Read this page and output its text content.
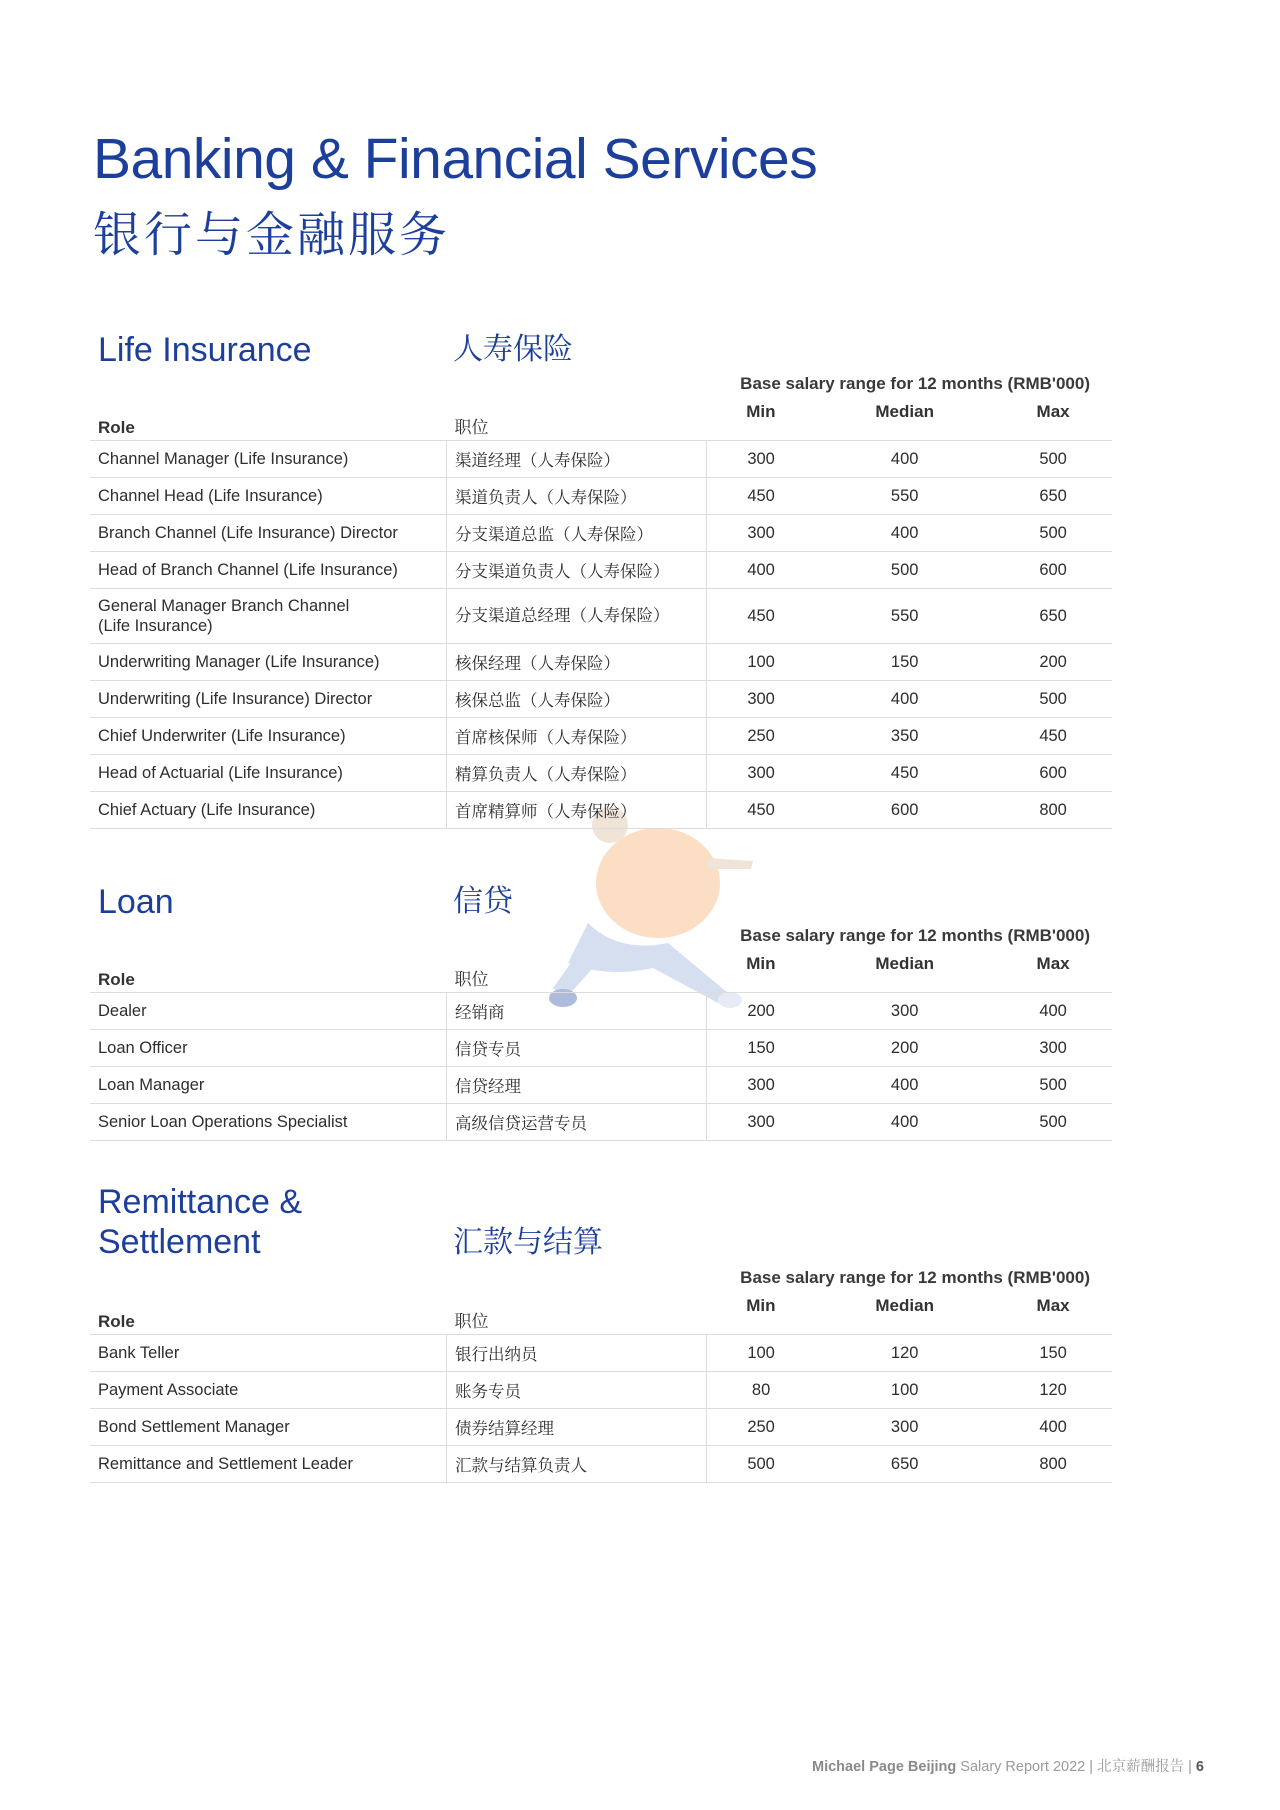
Banking & Financial Services
银行与金融服务
Life Insurance	人寿保险
Base salary range for 12 months (RMB'000)
Role	职位	Min	Median	Max
Channel Manager (Life Insurance)	渠道经理（人寿保险）	300	400	500
Channel Head (Life Insurance)	渠道负责人（人寿保险）	450	550	650
Branch Channel (Life Insurance) Director	分支渠道总监（人寿保险）	300	400	500
Head of Branch Channel (Life Insurance)	分支渠道负责人（人寿保险）	400	500	600

General Manager Branch Channel
(Life Insurance)	分支渠道总经理（人寿保险）	450	550	650
Underwriting Manager (Life Insurance)	核保经理（人寿保险）	100	150	200
Underwriting (Life Insurance) Director	核保总监（人寿保险）	300	400	500
Chief Underwriter (Life Insurance)	首席核保师（人寿保险）	250	350	450
Head of Actuarial (Life Insurance)	精算负责人（人寿保险）	300	450	600
Chief Actuary (Life Insurance)	首席精算师（人寿保险）	450	600	800
Loan	信贷
Base salary range for 12 months (RMB'000)
Role	职位	Min	Median	Max
Dealer	经销商	200	300	400
Loan Officer	信贷专员	150	200	300
Loan Manager	信贷经理	300	400	500
Senior Loan Operations Specialist	高级信贷运营专员	300	400	500
Remittance &
Settlement	汇款与结算
Base salary range for 12 months (RMB'000)
Role	职位	Min	Median	Max
Bank Teller	银行出纳员	100	120	150
Payment Associate	账务专员	80	100	120
Bond Settlement Manager	债券结算经理	250	300	400
Remittance and Settlement Leader	汇款与结算负责人	500	650	800
Michael Page Beijing Salary Report 2022 | 北京薪酬报告 | 6
